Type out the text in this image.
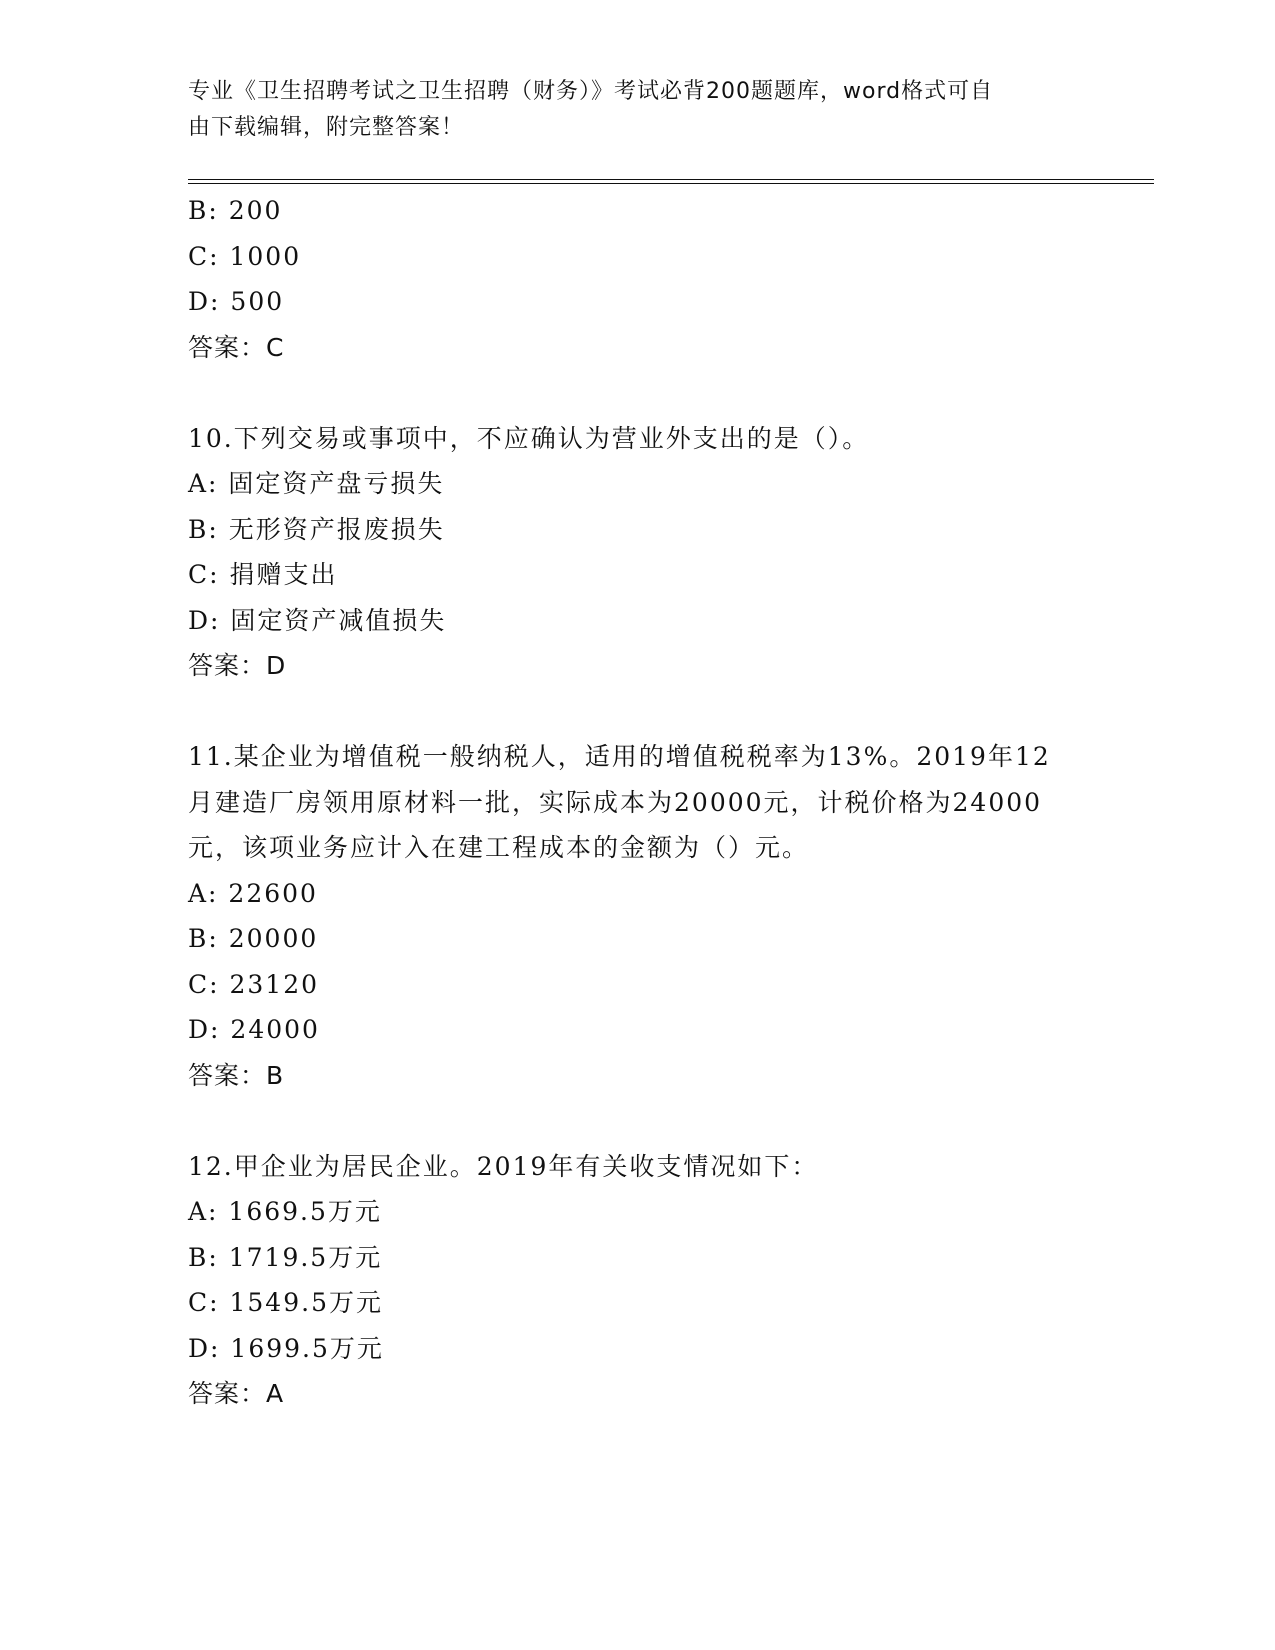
专业《卫生招聘考试之卫生招聘（财务）》考试必背200题题库，word格式可自
由下载编辑，附完整答案！
B: 200
C: 1000
D: 500
答案：C
10.下列交易或事项中，不应确认为营业外支出的是（）。
A: 固定资产盘亏损失
B: 无形资产报废损失
C: 捐赠支出
D: 固定资产减值损失
答案：D
11.某企业为增值税一般纳税人，适用的增值税税率为13%。2019年12
月建造厂房领用原材料一批，实际成本为20000元，计税价格为24000
元，该项业务应计入在建工程成本的金额为（）元。
A: 22600
B: 20000
C: 23120
D: 24000
答案：B
12.甲企业为居民企业。2019年有关收支情况如下：
A: 1669.5万元
B: 1719.5万元
C: 1549.5万元
D: 1699.5万元
答案：A
